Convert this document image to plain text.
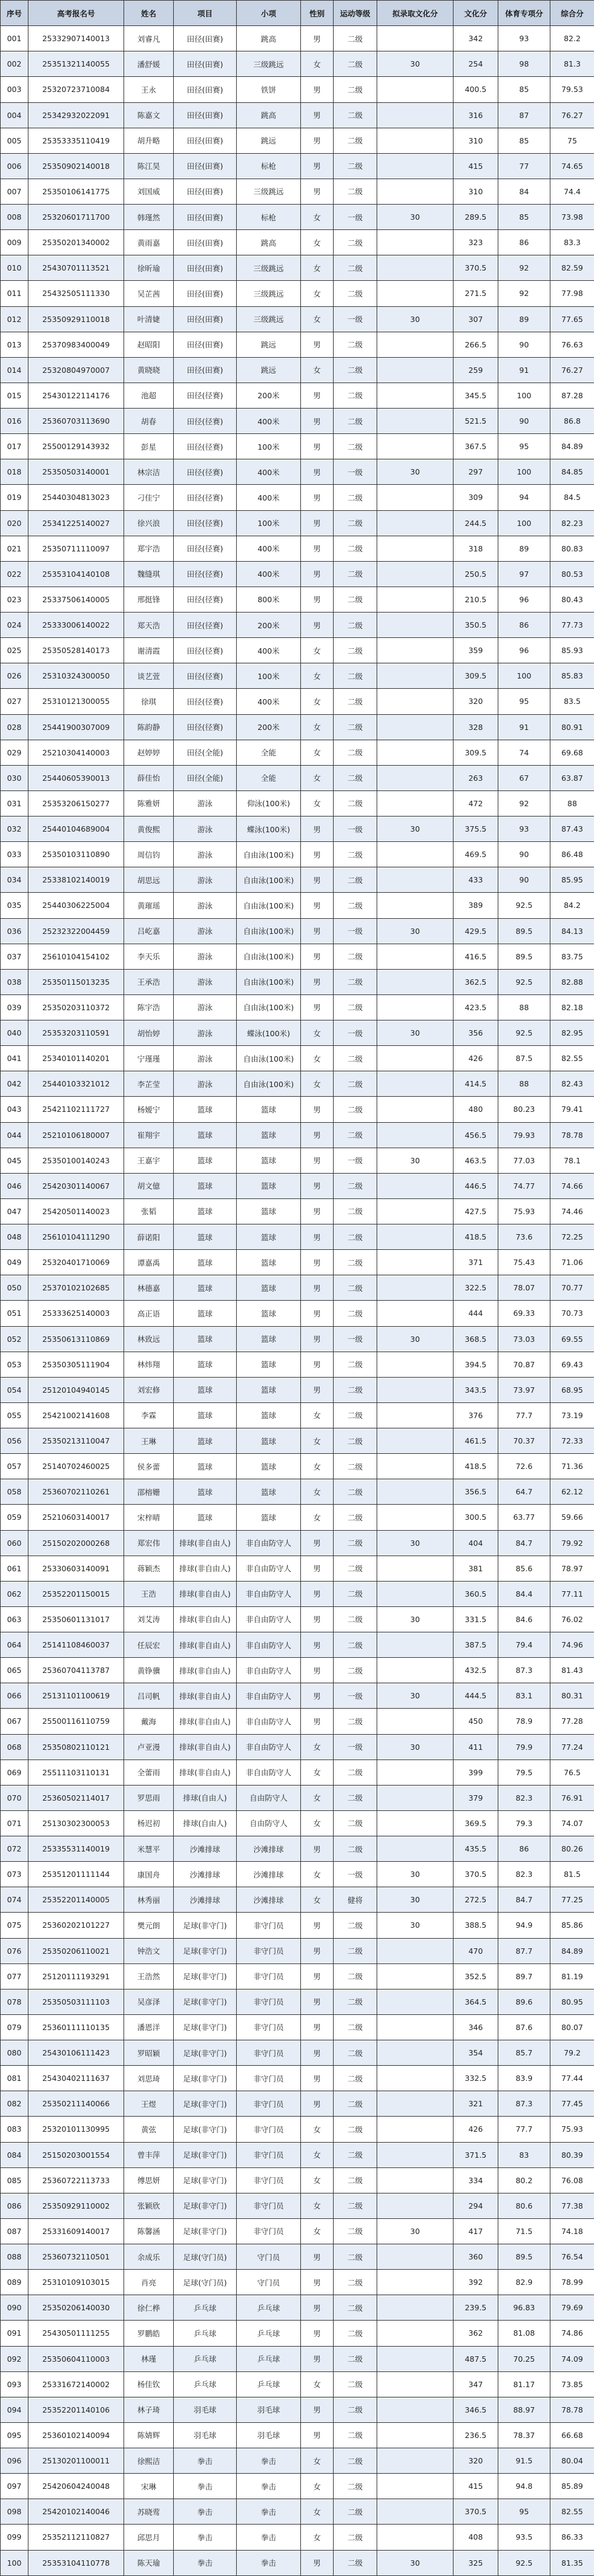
序号	高考报名号	姓名	项目	小项	性别	运动等级	拟录取文化分	文化分	体育专项分	综合分
001	25332907140013	刘睿凡	田径(田赛)	跳高	男	二级		342	93	82.2
002	25351321140055	潘舒媛	田径(田赛)	三级跳远	女	二级	30	254	98	81.3
003	25320723710084	王永	田径(田赛)	铁饼	男	二级		400.5	85	79.53
004	25342932022091	陈嘉文	田径(田赛)	跳高	男	二级		316	87	76.27
005	25353335110419	胡升略	田径(田赛)	跳远	男	二级		310	85	75
006	25350902140018	陈江昊	田径(田赛)	标枪	男	二级		415	77	74.65
007	25350106141775	刘国威	田径(田赛)	三级跳远	男	二级		310	84	74.4
008	25320601711700	韩瑾然	田径(田赛)	标枪	女	一级	30	289.5	85	73.98
009	25350201340002	黄雨嘉	田径(田赛)	跳高	女	二级		323	86	83.3
010	25430701113521	徐昕瑜	田径(田赛)	三级跳远	女	二级		370.5	92	82.59
011	25432505111330	吴芷茜	田径(田赛)	三级跳远	女	二级		271.5	92	77.98
012	25350929110018	叶清婕	田径(田赛)	三级跳远	女	一级	30	307	89	77.65
013	25370983400049	赵昭阳	田径(田赛)	跳远	男	二级		266.5	90	76.63
014	25320804970007	黄晓晓	田径(田赛)	跳远	女	二级		259	91	76.27
015	25430122114176	池超	田径(径赛)	200米	男	二级		345.5	100	87.28
016	25360703113690	胡春	田径(径赛)	400米	男	二级		521.5	90	86.8
017	25500129143932	彭星	田径(径赛)	100米	男	二级		367.5	95	84.89
018	25350503140001	林宗洁	田径(径赛)	400米	男	一级	30	297	100	84.85
019	25440304813023	刁佳宁	田径(径赛)	400米	男	二级		309	94	84.5
020	25341225140027	徐兴浪	田径(径赛)	100米	男	二级		244.5	100	82.23
021	25350711110097	郑宇浩	田径(径赛)	400米	男	二级		318	89	80.83
022	25353104140108	魏缝琪	田径(径赛)	400米	男	二级		250.5	97	80.53
023	25337506140005	邢挺锋	田径(径赛)	800米	男	二级		210.5	96	80.43
024	25333006140022	郑天浩	田径(径赛)	200米	男	二级		350.5	86	77.73
025	25350528140173	谢清霞	田径(径赛)	400米	女	二级		359	96	85.93
026	25310324300050	谈艺萱	田径(径赛)	100米	女	二级		309.5	100	85.83
027	25310121300055	徐琪	田径(径赛)	400米	女	二级		320	95	83.5
028	25441900307009	陈韵静	田径(径赛)	200米	女	二级		328	91	80.91
029	25210304140003	赵婷婷	田径(全能)	全能	女	二级		309.5	74	69.68
030	25440605390013	薛佳怡	田径(全能)	全能	女	二级		263	67	63.87
031	25353206150277	陈雅妍	游泳	仰泳(100米)	女	二级		472	92	88
032	25440104689004	黄俊熙	游泳	蝶泳(100米)	男	一级	30	375.5	93	87.43
033	25350103110890	周信钧	游泳	自由泳(100米)	男	二级		469.5	90	86.48
034	25338102140019	胡思远	游泳	自由泳(100米)	男	二级		433	90	85.95
035	25440306225004	黄璀瑶	游泳	自由泳(100米)	男	二级		389	92.5	84.2
036	25232322004459	吕屹嘉	游泳	自由泳(100米)	男	一级	30	429.5	89.5	84.13
037	25610104154102	李天乐	游泳	自由泳(100米)	男	二级		416.5	89.5	83.75
038	25350115013235	王承浩	游泳	自由泳(100米)	男	二级		362.5	92.5	82.88
039	25350203110372	陈宇浩	游泳	自由泳(100米)	男	二级		423.5	88	82.18
040	25353203110591	胡怡婷	游泳	蝶泳(100米)	女	一级	30	356	92.5	82.95
041	25340101140201	宁瑾瑾	游泳	自由泳(100米)	女	二级		426	87.5	82.55
042	25440103321012	李芷莹	游泳	自由泳(100米)	女	二级		414.5	88	82.43
043	25421102111727	杨嫒宁	篮球	篮球	男	二级		480	80.23	79.41
044	25210106180007	崔翔宇	篮球	篮球	男	二级		456.5	79.93	78.78
045	25350100140243	王嘉宇	篮球	篮球	男	一级	30	463.5	77.03	78.1
046	25420301140067	胡文億	篮球	篮球	男	二级		446.5	74.77	74.66
047	25420501140023	张韬	篮球	篮球	男	二级		427.5	75.93	74.46
048	25610104111290	薛诺阳	篮球	篮球	男	二级		418.5	73.6	72.25
049	25320401710069	谭嘉禹	篮球	篮球	男	二级		371	75.43	71.06
050	25370102102685	林德嘉	篮球	篮球	男	二级		322.5	78.07	70.77
051	25333625140003	高正语	篮球	篮球	男	二级		444	69.33	70.73
052	25350613110869	林致远	篮球	篮球	男	一级	30	368.5	73.03	69.55
053	25350305111904	林炜翔	篮球	篮球	男	二级		394.5	70.87	69.43
054	25120104940145	刘宏修	篮球	篮球	男	二级		343.5	73.97	68.95
055	25421002141608	李霖	篮球	篮球	女	二级		376	77.7	73.19
056	25350213110047	王琳	篮球	篮球	女	二级		461.5	70.37	72.33
057	25140702460025	侯多蕾	篮球	篮球	女	二级		418.5	72.6	71.36
058	25360702110261	邵榕姗	篮球	篮球	女	二级		356.5	64.7	62.12
059	25210603140017	宋梓晴	篮球	篮球	女	二级		300.5	63.77	59.66
060	25150202000268	郑宏伟	排球(非自由人)	非自由防守人	男	二级	30	404	84.7	79.92
061	25330603140091	蒋颖杰	排球(非自由人)	非自由防守人	男	二级		381	85.6	78.97
062	25352201150015	王浩	排球(非自由人)	非自由防守人	男	二级		360.5	84.4	77.11
063	25350601131017	刘艾涛	排球(非自由人)	非自由防守人	男	二级	30	331.5	84.6	76.02
064	25141108460037	任辰宏	排球(非自由人)	非自由防守人	男	二级		387.5	79.4	74.96
065	25360704113787	黄铮骥	排球(非自由人)	非自由防守人	男	二级		432.5	87.3	81.43
066	25131101100619	吕司帆	排球(非自由人)	非自由防守人	男	一级	30	444.5	83.1	80.31
067	25500116110759	戴海	排球(非自由人)	非自由防守人	男	二级		450	78.9	77.28
068	25350802110121	卢亚漫	排球(非自由人)	非自由防守人	女	一级	30	411	79.9	77.24
069	25511103110131	全蕾雨	排球(非自由人)	非自由防守人	女	二级		399	79.5	76.5
070	25360502114017	罗思雨	排球(自由人)	自由防守人	女	二级		379	82.3	76.91
071	25130302300053	杨迟初	排球(自由人)	自由防守人	女	二级		369.5	79.3	74.07
072	25335531140019	米慧平	沙滩排球	沙滩排球	男	二级		435.5	86	80.26
073	25351201111144	康国舟	沙滩排球	沙滩排球	女	一级	30	370.5	82.3	81.5
074	25352201140005	林秀丽	沙滩排球	沙滩排球	女	健将	30	272.5	84.7	77.25
075	25360202101227	樊元朗	足球(非守门)	非守门员	男	二级	30	388.5	94.9	85.86
076	25350206110021	钟浩文	足球(非守门)	非守门员	男	二级		470	87.7	84.89
077	25120111193291	王浩然	足球(非守门)	非守门员	男	二级		352.5	89.7	81.19
078	25350503111103	吴彦泽	足球(非守门)	非守门员	男	二级		364.5	89.6	80.95
079	25360111110135	潘恩洋	足球(非守门)	非守门员	男	二级		346	87.6	80.07
080	25430106111423	罗昭颖	足球(非守门)	非守门员	男	二级		354	85.7	79.2
081	25430402111637	刘思琦	足球(非守门)	非守门员	男	二级		332.5	83.9	77.44
082	25350211140066	王煜	足球(非守门)	非守门员	男	二级		321	87.3	77.45
083	25320101130995	黄弦	足球(非守门)	非守门员	女	二级		426	77.7	75.93
084	25150203001554	曾丰萍	足球(非守门)	非守门员	女	二级		371.5	83	80.39
085	25360722113733	傅思妍	足球(非守门)	非守门员	女	二级		334	80.2	76.08
086	25350929110002	张颖欣	足球(非守门)	非守门员	女	二级		294	80.6	77.38
087	25331609140017	陈馨涵	足球(非守门)	非守门员	女	二级	30	417	71.5	74.18
088	25360732110501	余成乐	足球(守门员)	守门员	男	二级		360	89.5	76.54
089	25310109103015	肖亮	足球(守门员)	守门员	男	二级		392	82.9	78.99
090	25350206140030	徐仁桦	乒乓球	乒乓球	男	二级		239.5	96.83	79.69
091	25430501111255	罗鹏皓	乒乓球	乒乓球	男	二级		362	81.08	74.86
092	25350604110003	林瑾	乒乓球	乒乓球	男	二级		487.5	70.25	74.09
093	25331672140002	杨佳钦	乒乓球	乒乓球	女	二级		347	81.17	73.85
094	25352201140106	林子琦	羽毛球	羽毛球	男	二级		346.5	88.97	78.78
095	25360102140094	陈婧辉	羽毛球	羽毛球	男	二级		236.5	78.37	66.68
096	25130201100011	徐熙洁	拳击	拳击	女	二级		320	91.5	80.04
097	25420604240048	宋琳	拳击	拳击	女	二级		415	94.8	85.89
098	25420102140046	苏晓莺	拳击	拳击	女	二级		370.5	95	82.55
099	25352112110827	邱思月	拳击	拳击	女	二级		408	93.5	86.33
100	25353104110778	陈天瑜	拳击	拳击	男	二级	30	325	92.5	81.35
